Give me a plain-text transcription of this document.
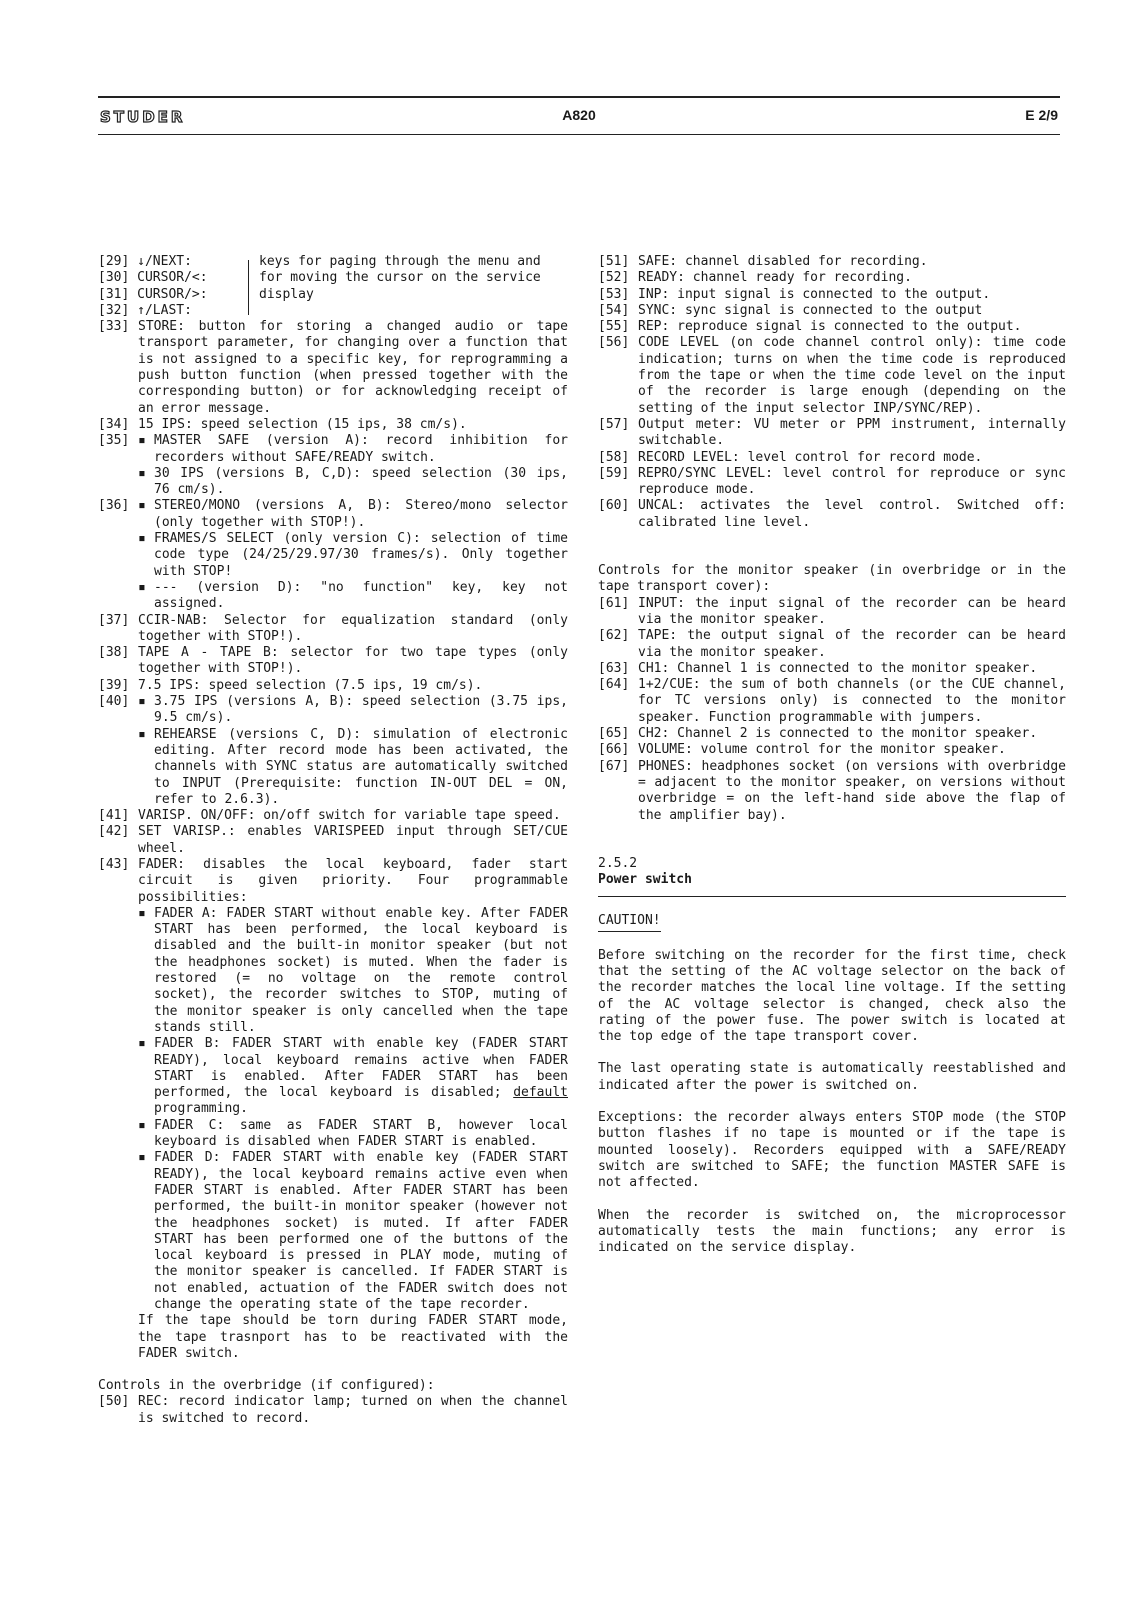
STUDER	A820	E 2/9
[29] ↓/NEXT:
[30] CURSOR/<:
[31] CURSOR/>:
[32] ↑/LAST:
keys for paging through the menu and for moving the cursor on the service display
[33] STORE: button for storing a changed audio or tape transport parameter, for changing over a function that is not assigned to a specific key, for reprogramming a push button function (when pressed together with the corresponding button) or for acknowledging receipt of an error message.
[34] 15 IPS: speed selection (15 ips, 38 cm/s).
[35] ▪ MASTER SAFE (version A): record inhibition for recorders without SAFE/READY switch.
▪ 30 IPS (versions B, C,D): speed selection (30 ips, 76 cm/s).
[36] ▪ STEREO/MONO (versions A, B): Stereo/mono selector (only together with STOP!).
▪ FRAMES/S SELECT (only version C): selection of time code type (24/25/29.97/30 frames/s). Only together with STOP!
▪ --- (version D): "no function" key, key not assigned.
[37] CCIR-NAB: Selector for equalization standard (only together with STOP!).
[38] TAPE A - TAPE B: selector for two tape types (only together with STOP!).
[39] 7.5 IPS: speed selection (7.5 ips, 19 cm/s).
[40] ▪ 3.75 IPS (versions A, B): speed selection (3.75 ips, 9.5 cm/s).
▪ REHEARSE (versions C, D): simulation of electronic editing. After record mode has been activated, the channels with SYNC status are automatically switched to INPUT (Prerequisite: function IN-OUT DEL = ON, refer to 2.6.3).
[41] VARISP. ON/OFF: on/off switch for variable tape speed.
[42] SET VARISP.: enables VARISPEED input through SET/CUE wheel.
[43] FADER: disables the local keyboard, fader start circuit is given priority. Four programmable possibilities:
▪ FADER A: FADER START without enable key. After FADER START has been performed, the local keyboard is disabled and the built-in monitor speaker (but not the headphones socket) is muted. When the fader is restored (= no voltage on the remote control socket), the recorder switches to STOP, muting of the monitor speaker is only cancelled when the tape stands still.
▪ FADER B: FADER START with enable key (FADER START READY), local keyboard remains active when FADER START is enabled. After FADER START has been performed, the local keyboard is disabled; default programming.
▪ FADER C: same as FADER START B, however local keyboard is disabled when FADER START is enabled.
▪ FADER D: FADER START with enable key (FADER START READY), the local keyboard remains active even when FADER START is enabled. After FADER START has been performed, the built-in monitor speaker (however not the headphones socket) is muted. If after FADER START has been performed one of the buttons of the local keyboard is pressed in PLAY mode, muting of the monitor speaker is cancelled. If FADER START is not enabled, actuation of the FADER switch does not change the operating state of the tape recorder.
If the tape should be torn during FADER START mode, the tape trasnport has to be reactivated with the FADER switch.
Controls in the overbridge (if configured):
[50] REC: record indicator lamp; turned on when the channel is switched to record.
[51] SAFE: channel disabled for recording.
[52] READY: channel ready for recording.
[53] INP: input signal is connected to the output.
[54] SYNC: sync signal is connected to the output
[55] REP: reproduce signal is connected to the output.
[56] CODE LEVEL (on code channel control only): time code indication; turns on when the time code is reproduced from the tape or when the time code level on the input of the recorder is large enough (depending on the setting of the input selector INP/SYNC/REP).
[57] Output meter: VU meter or PPM instrument, internally switchable.
[58] RECORD LEVEL: level control for record mode.
[59] REPRO/SYNC LEVEL: level control for reproduce or sync reproduce mode.
[60] UNCAL: activates the level control. Switched off: calibrated line level.
Controls for the monitor speaker (in overbridge or in the tape transport cover):
[61] INPUT: the input signal of the recorder can be heard via the monitor speaker.
[62] TAPE: the output signal of the recorder can be heard via the monitor speaker.
[63] CH1: Channel 1 is connected to the monitor speaker.
[64] 1+2/CUE: the sum of both channels (or the CUE channel, for TC versions only) is connected to the monitor speaker. Function programmable with jumpers.
[65] CH2: Channel 2 is connected to the monitor speaker.
[66] VOLUME: volume control for the monitor speaker.
[67] PHONES: headphones socket (on versions with overbridge = adjacent to the monitor speaker, on versions without overbridge = on the left-hand side above the flap of the amplifier bay).
2.5.2
Power switch
CAUTION!
Before switching on the recorder for the first time, check that the setting of the AC voltage selector on the back of the recorder matches the local line voltage. If the setting of the AC voltage selector is changed, check also the rating of the power fuse. The power switch is located at the top edge of the tape transport cover.
The last operating state is automatically reestablished and indicated after the power is switched on.
Exceptions: the recorder always enters STOP mode (the STOP button flashes if no tape is mounted or if the tape is mounted loosely). Recorders equipped with a SAFE/READY switch are switched to SAFE; the function MASTER SAFE is not affected.
When the recorder is switched on, the microprocessor automatically tests the main functions; any error is indicated on the service display.
